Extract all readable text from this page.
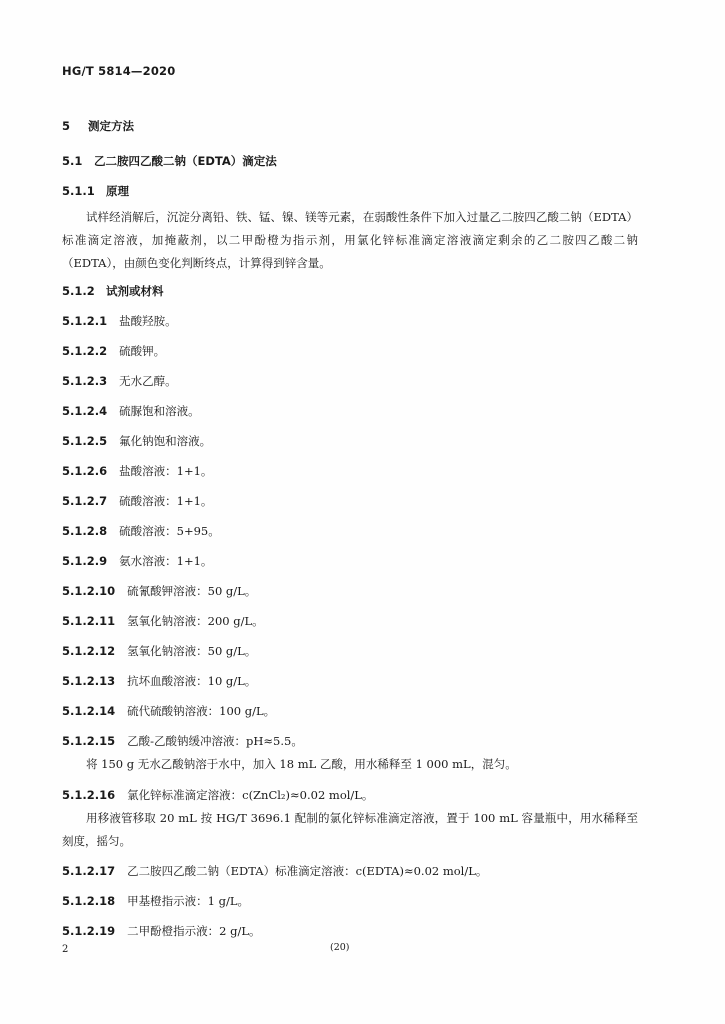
HG/T 5814—2020
5 测定方法
5.1 乙二胺四乙酸二钠（EDTA）滴定法
5.1.1 原理
试样经消解后，沉淀分离铅、铁、锰、镍、镁等元素，在弱酸性条件下加入过量乙二胺四乙酸二钠（EDTA）标准滴定溶液，加掩蔽剂，以二甲酚橙为指示剂，用氯化锌标准滴定溶液滴定剩余的乙二胺四乙酸二钠（EDTA），由颜色变化判断终点，计算得到锌含量。
5.1.2 试剂或材料
5.1.2.1 盐酸羟胺。
5.1.2.2 硫酸钾。
5.1.2.3 无水乙醇。
5.1.2.4 硫脲饱和溶液。
5.1.2.5 氟化钠饱和溶液。
5.1.2.6 盐酸溶液：1+1。
5.1.2.7 硫酸溶液：1+1。
5.1.2.8 硫酸溶液：5+95。
5.1.2.9 氨水溶液：1+1。
5.1.2.10 硫氰酸钾溶液：50 g/L。
5.1.2.11 氢氧化钠溶液：200 g/L。
5.1.2.12 氢氧化钠溶液：50 g/L。
5.1.2.13 抗坏血酸溶液：10 g/L。
5.1.2.14 硫代硫酸钠溶液：100 g/L。
5.1.2.15 乙酸-乙酸钠缓冲溶液：pH≈5.5。
将 150 g 无水乙酸钠溶于水中，加入 18 mL 乙酸，用水稀释至 1 000 mL，混匀。
5.1.2.16 氯化锌标准滴定溶液：c(ZnCl₂)≈0.02 mol/L。
用移液管移取 20 mL 按 HG/T 3696.1 配制的氯化锌标准滴定溶液，置于 100 mL 容量瓶中，用水稀释至刻度，摇匀。
5.1.2.17 乙二胺四乙酸二钠（EDTA）标准滴定溶液：c(EDTA)≈0.02 mol/L。
5.1.2.18 甲基橙指示液：1 g/L。
5.1.2.19 二甲酚橙指示液：2 g/L。
2	(20)
